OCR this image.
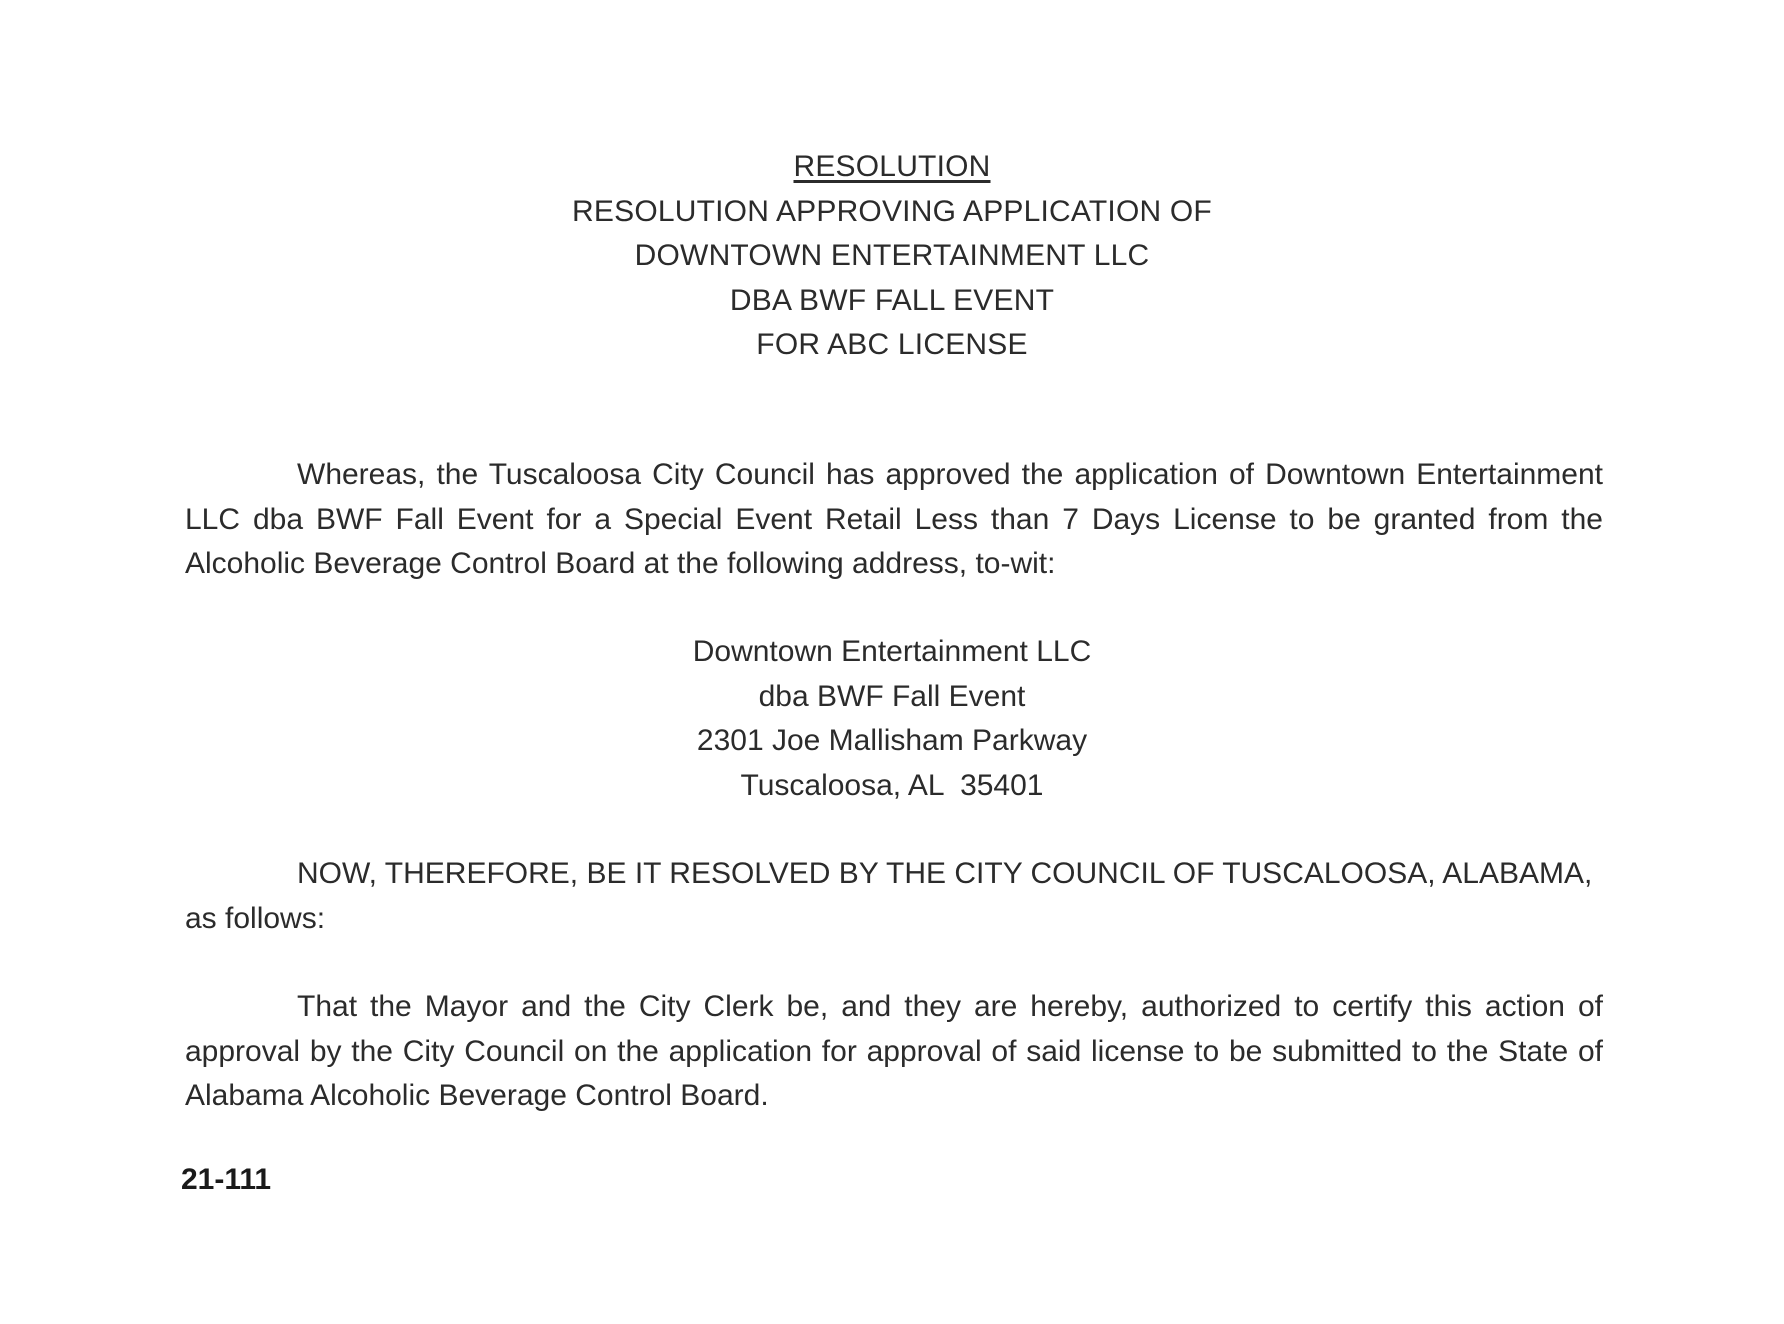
RESOLUTION
RESOLUTION APPROVING APPLICATION OF
DOWNTOWN ENTERTAINMENT LLC
DBA BWF FALL EVENT
FOR ABC LICENSE

Whereas, the Tuscaloosa City Council has approved the application of Downtown Entertainment LLC dba BWF Fall Event for a Special Event Retail Less than 7 Days License to be granted from the Alcoholic Beverage Control Board at the following address, to-wit:

Downtown Entertainment LLC
dba BWF Fall Event
2301 Joe Mallisham Parkway
Tuscaloosa, AL  35401

NOW, THEREFORE, BE IT RESOLVED BY THE CITY COUNCIL OF TUSCALOOSA, ALABAMA, as follows:

That the Mayor and the City Clerk be, and they are hereby, authorized to certify this action of approval by the City Council on the application for approval of said license to be submitted to the State of Alabama Alcoholic Beverage Control Board.

21-111
